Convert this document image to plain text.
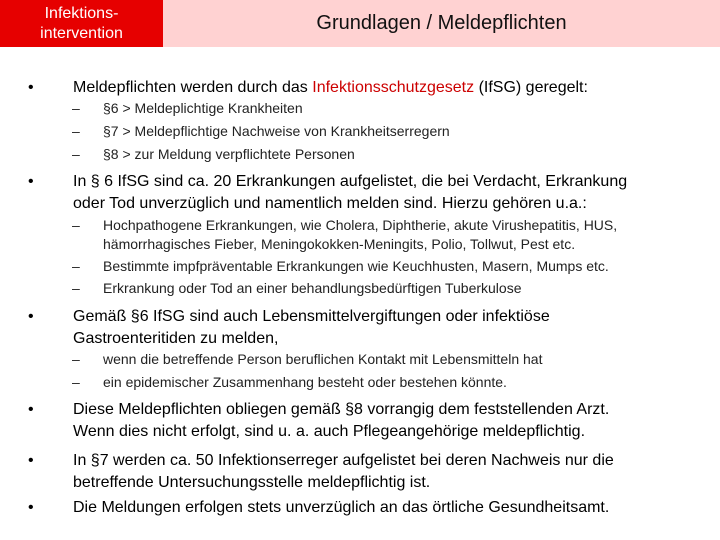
Infektions-
intervention	Grundlagen / Meldepflichten
• Meldepflichten werden durch das Infektionsschutzgesetz (IfSG) geregelt:
– §6 > Meldeplichtige Krankheiten
– §7 > Meldepflichtige Nachweise von Krankheitserregern
– §8 > zur Meldung verpflichtete Personen
• In § 6 IfSG sind ca. 20 Erkrankungen aufgelistet, die bei Verdacht, Erkrankung
oder Tod unverzüglich und namentlich melden sind. Hierzu gehören u.a.:
– Hochpathogene Erkrankungen, wie Cholera, Diphtherie, akute Virushepatitis, HUS,
hämorrhagisches Fieber, Meningokokken-Meningits, Polio, Tollwut, Pest etc.
– Bestimmte impfpräventable Erkrankungen wie Keuchhusten, Masern, Mumps etc.
– Erkrankung oder Tod an einer behandlungsbedürftigen Tuberkulose
• Gemäß §6 IfSG sind auch Lebensmittelvergiftungen oder infektiöse
Gastroenteritiden zu melden,
– wenn die betreffende Person beruflichen Kontakt mit Lebensmitteln hat
– ein epidemischer Zusammenhang besteht oder bestehen könnte.
• Diese Meldepflichten obliegen gemäß §8 vorrangig dem feststellenden Arzt.
Wenn dies nicht erfolgt, sind u. a. auch Pflegeangehörige meldepflichtig.
• In §7 werden ca. 50 Infektionserreger aufgelistet bei deren Nachweis nur die
betreffende Untersuchungsstelle meldepflichtig ist.
• Die Meldungen erfolgen stets unverzüglich an das örtliche Gesundheitsamt.
